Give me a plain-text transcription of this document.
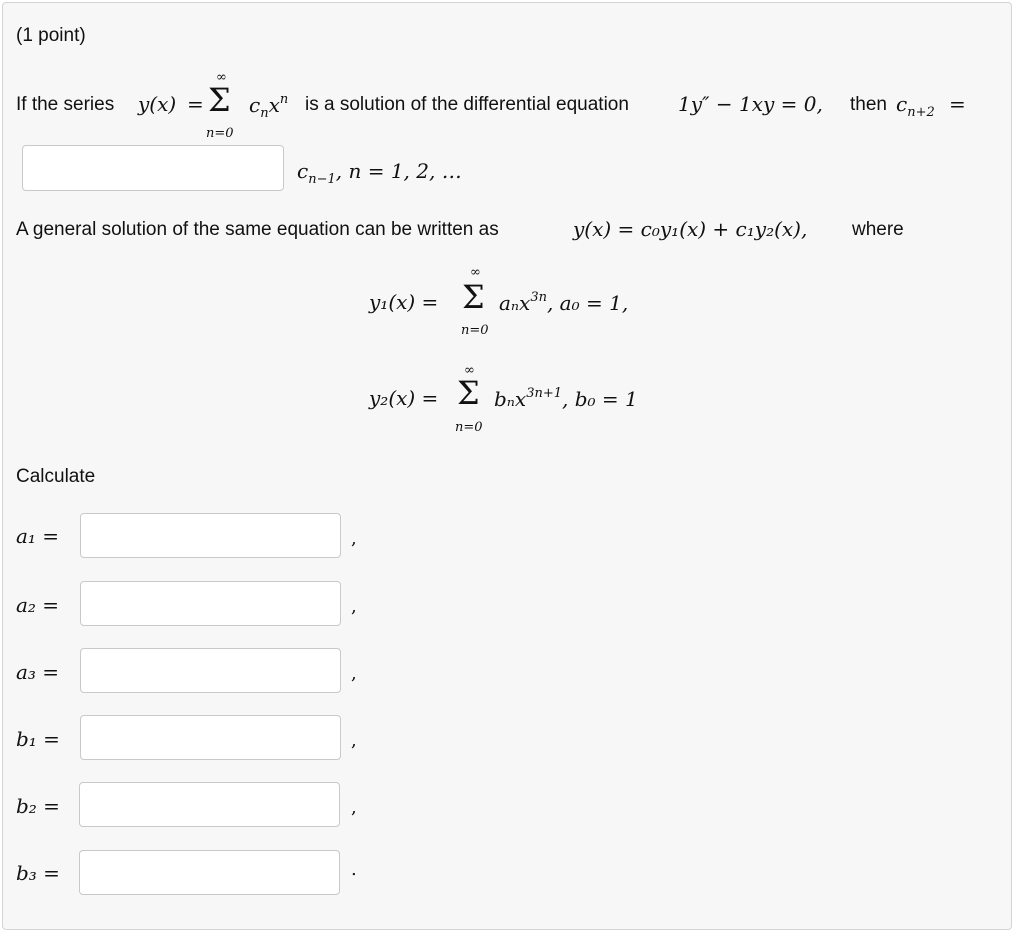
(1 point)
If the series y(x) =
∞
Σ
n=0
$c_nx^n$ is a solution of the differential equation 1y″ − 1xy = 0, then $c_{n+2}$ =
$c_{n-1}$, n = 1, 2, …
A general solution of the same equation can be written as	y(x) = c₀y₁(x) + c₁y₂(x), where
y₁(x) =
∞
Σ
n=0
aₙx$^{3n}$, a₀ = 1,
y₂(x) =
∞
Σ
n=0
bₙx$^{3n+1}$, b₀ = 1
Calculate
a₁ =	,
a₂ =	,
a₃ =	,
b₁ =	,
b₂ =	,
b₃ =	.
